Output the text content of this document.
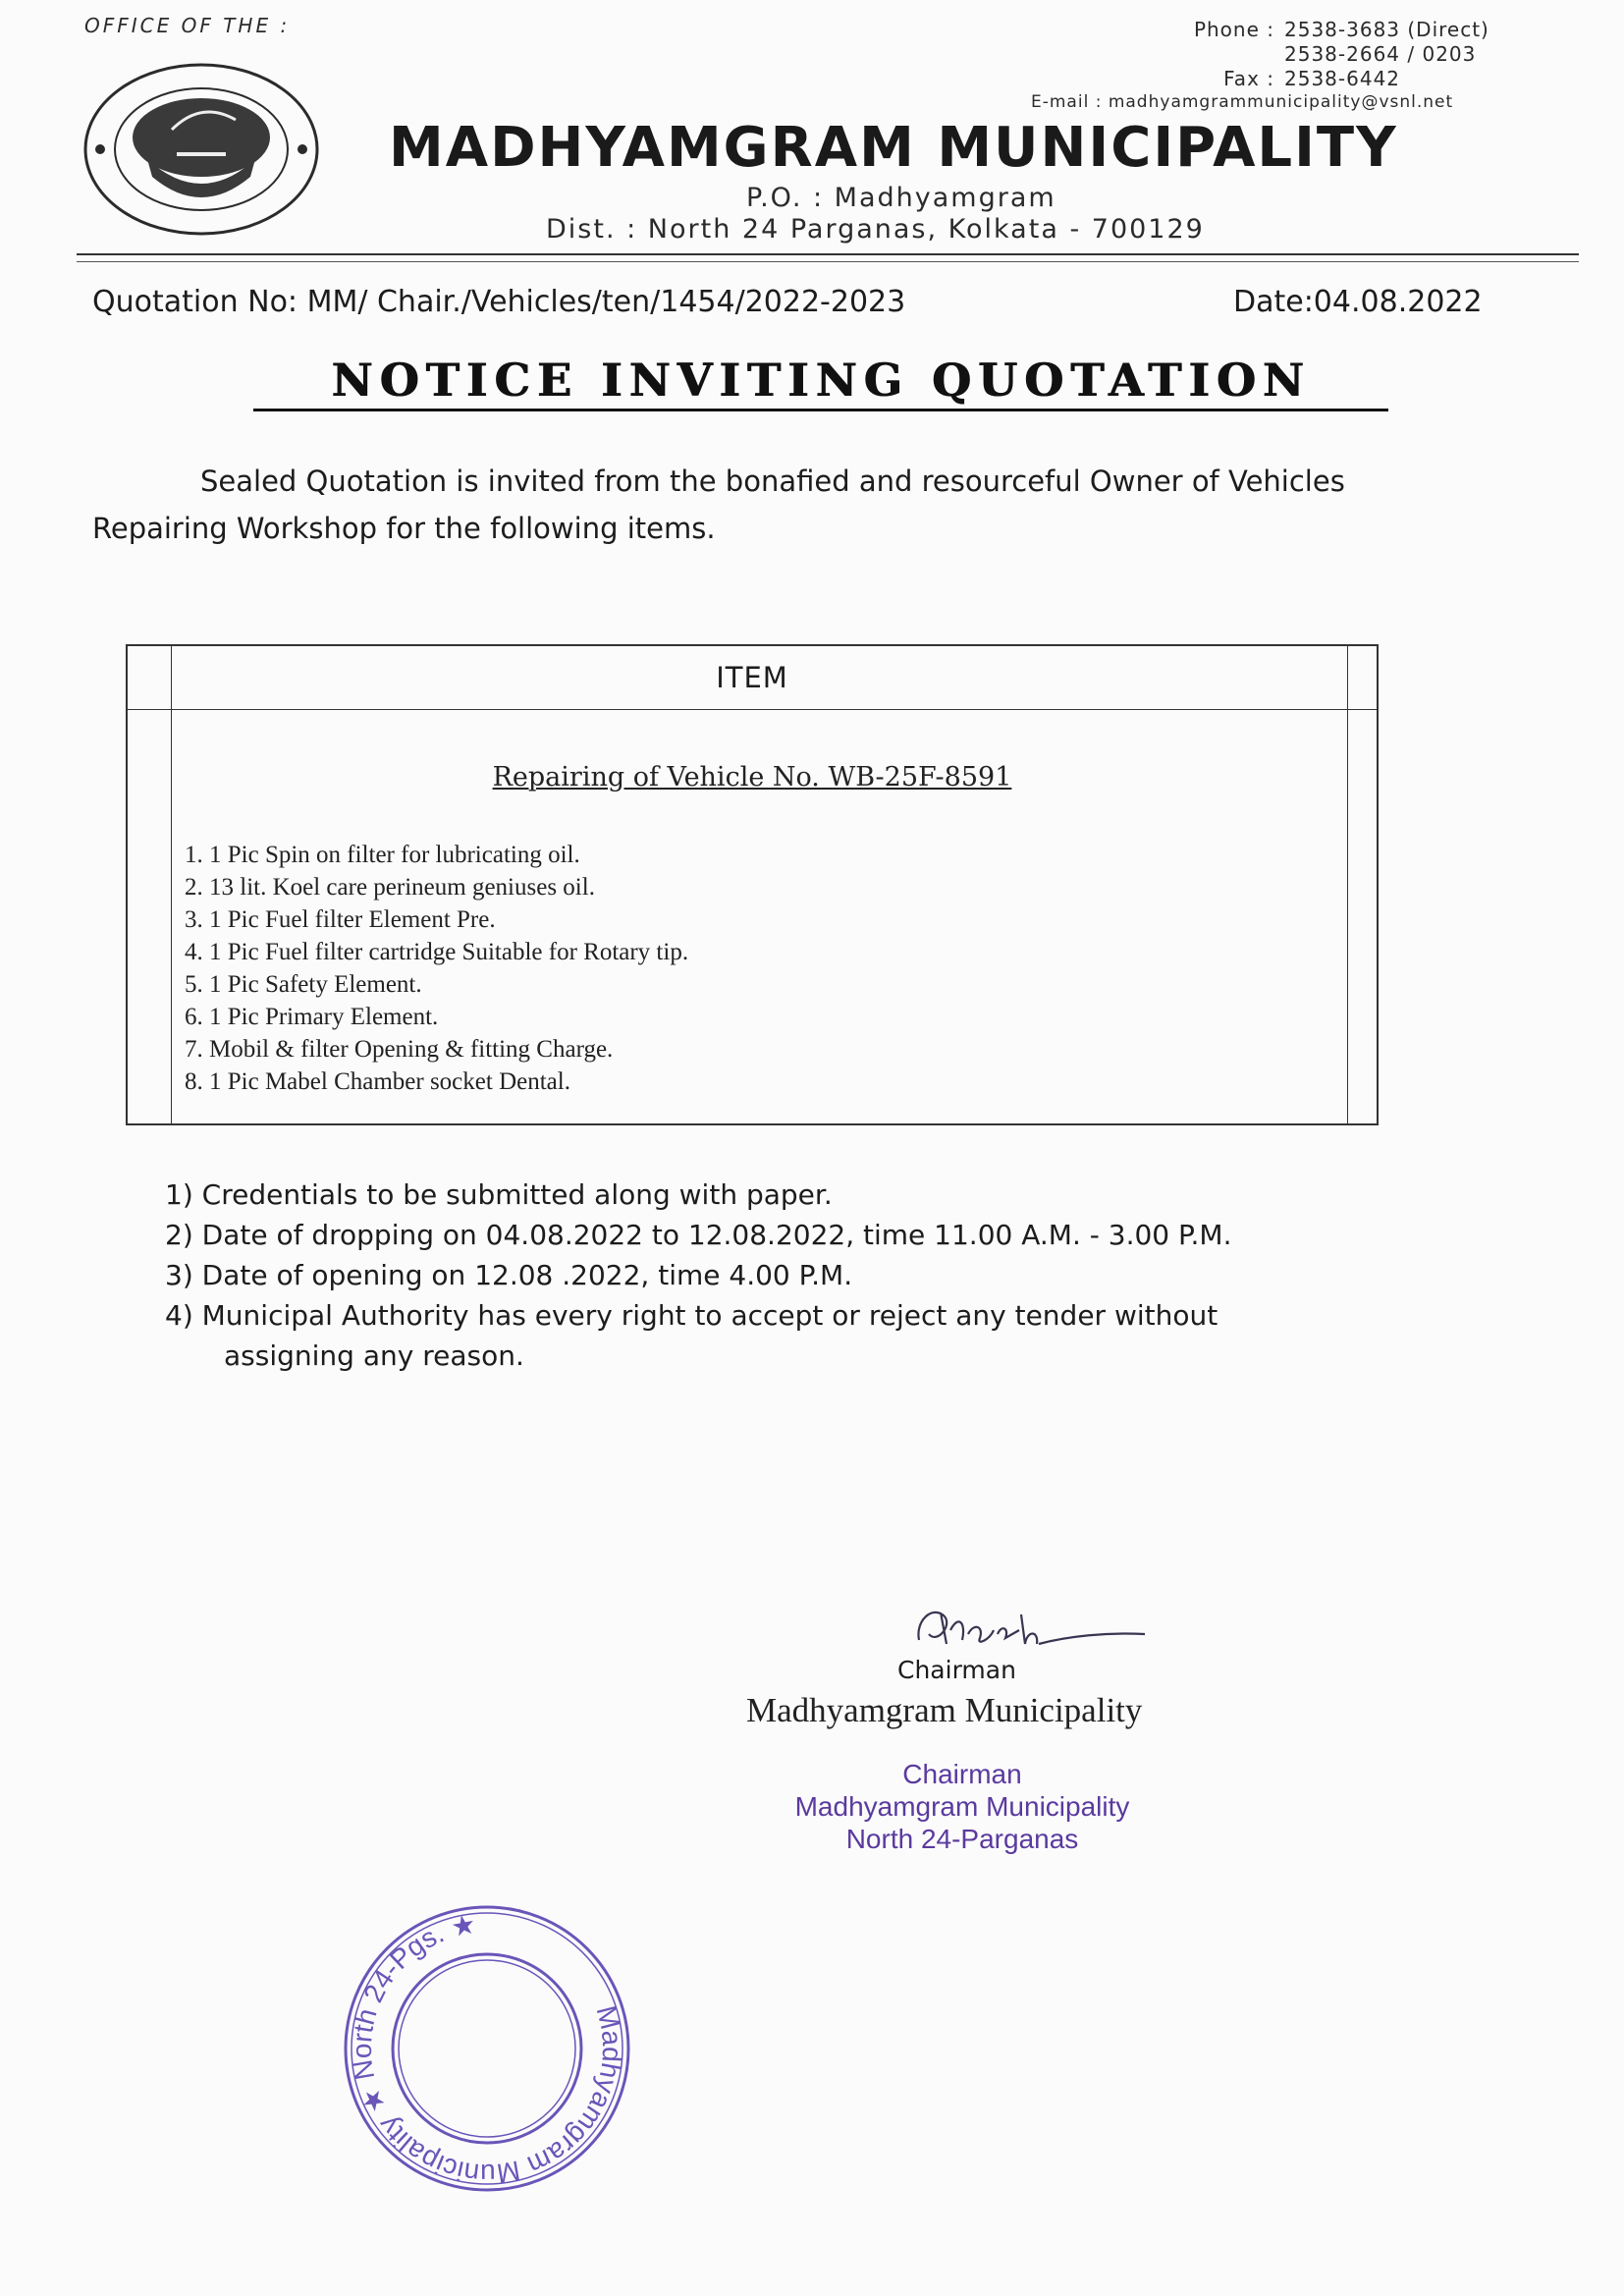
OFFICE OF THE :	Phone : 2538-3683 (Direct)
2538-2664 / 0203
Fax : 2538-6442
E-mail : madhyamgrammunicipality@vsnl.net
MADHYAMGRAM MUNICIPALITY
P.O. : Madhyamgram
Dist. : North 24 Parganas, Kolkata - 700129
Quotation No: MM/ Chair./Vehicles/ten/1454/2022-2023	Date:04.08.2022
NOTICE INVITING QUOTATION
Sealed Quotation is invited from the bonafied and resourceful Owner of Vehicles Repairing Workshop for the following items.
ITEM
Repairing of Vehicle No. WB-25F-8591
1. 1 Pic Spin on filter for lubricating oil.
2. 13 lit. Koel care perineum geniuses oil.
3. 1 Pic Fuel filter Element Pre.
4. 1 Pic Fuel filter cartridge Suitable for Rotary tip.
5. 1 Pic Safety Element.
6. 1 Pic Primary Element.
7. Mobil & filter Opening & fitting Charge.
8. 1 Pic Mabel Chamber socket Dental.
1) Credentials to be submitted along with paper.
2) Date of dropping on 04.08.2022 to 12.08.2022, time 11.00 A.M. - 3.00 P.M.
3) Date of opening on 12.08 .2022, time 4.00 P.M.
4) Municipal Authority has every right to accept or reject any tender without
assigning any reason.
Chairman
Madhyamgram Municipality
Chairman
Madhyamgram Municipality
North 24-Parganas
Madhyamgram Municipality ★ North 24-Pgs. ★
